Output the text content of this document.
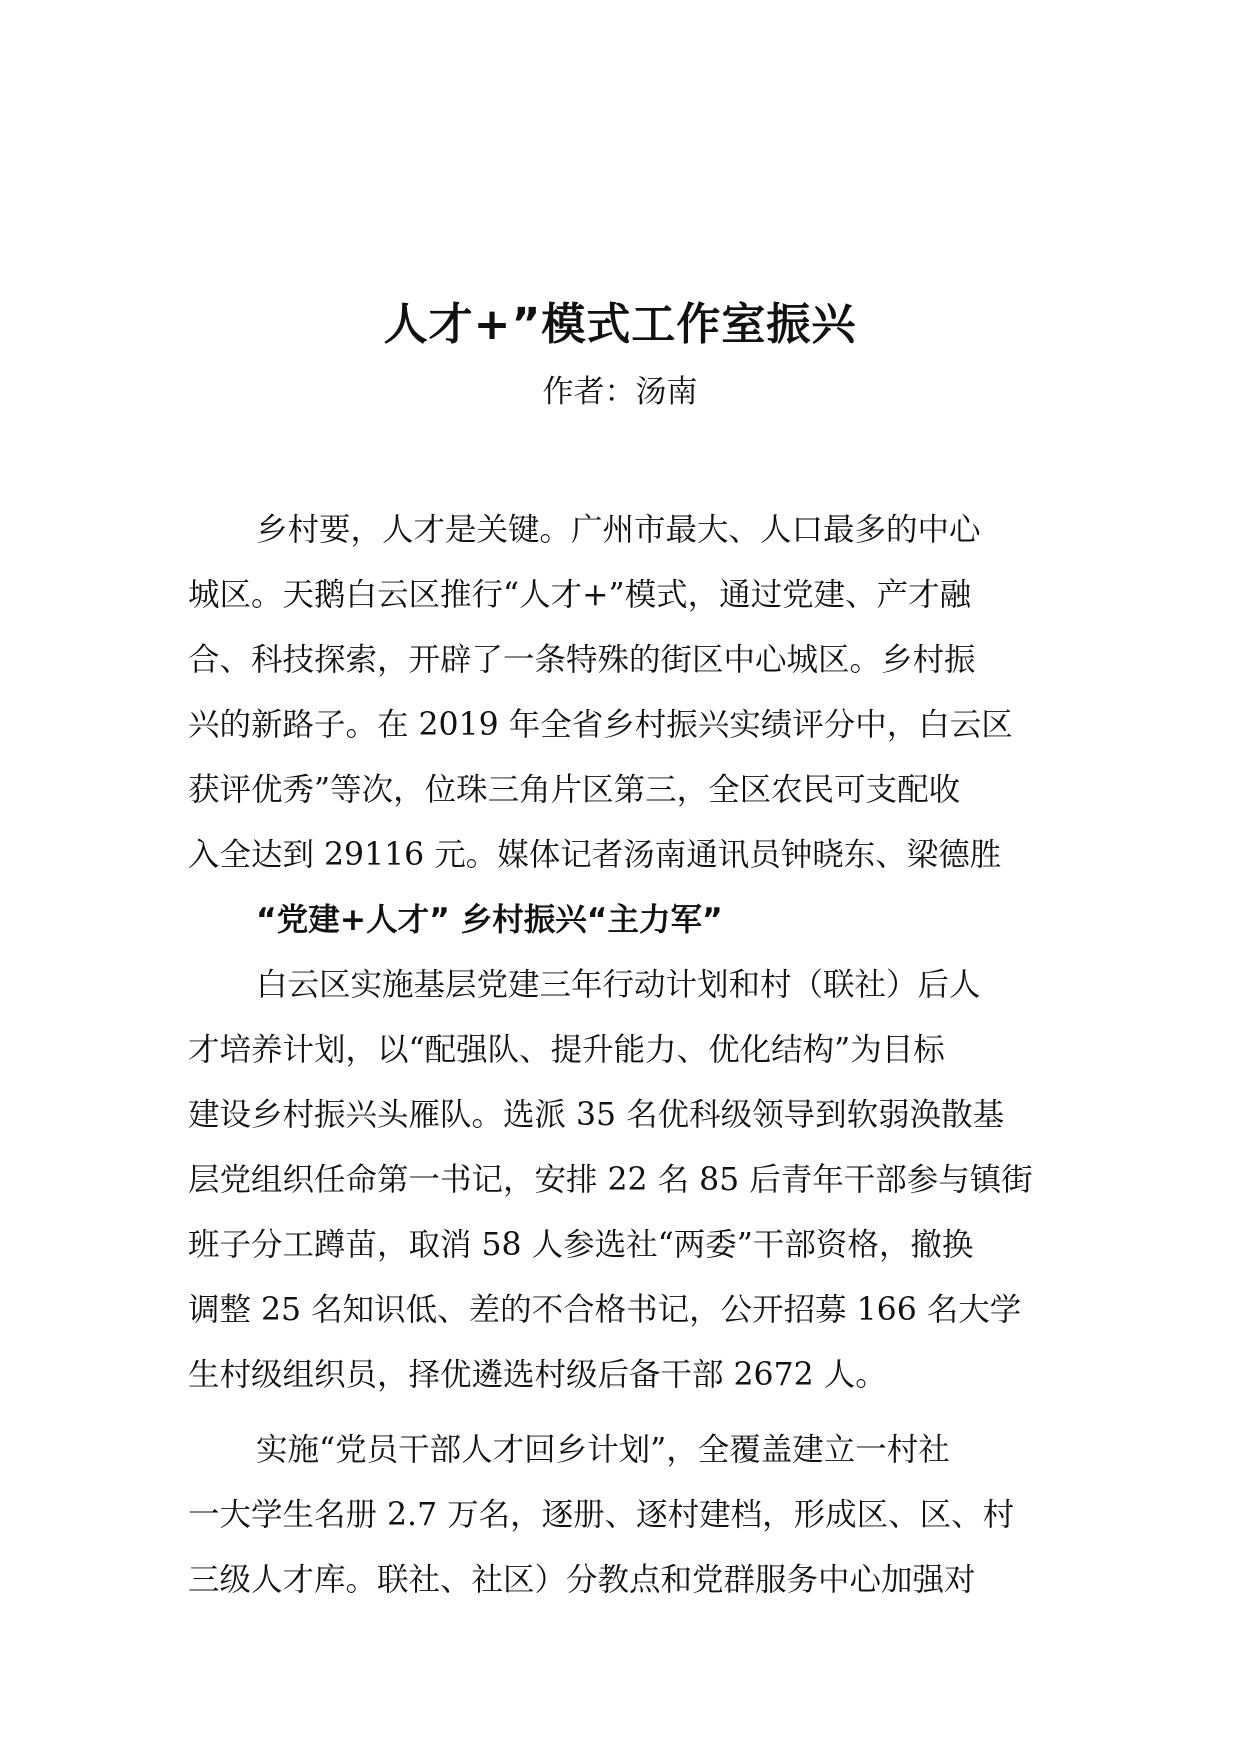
人才+”模式工作室振兴
作者：汤南
乡村要，人才是关键。广州市最大、人口最多的中心
城区。天鹅白云区推行“人才+”模式，通过党建、产才融
合、科技探索，开辟了一条特殊的街区中心城区。乡村振
兴的新路子。在 2019 年全省乡村振兴实绩评分中，白云区
获评优秀”等次，位珠三角片区第三，全区农民可支配收
入全达到 29116 元。媒体记者汤南通讯员钟晓东、梁德胜
“党建+人才” 乡村振兴“主力军”
白云区实施基层党建三年行动计划和村（联社）后人
才培养计划，以“配强队、提升能力、优化结构”为目标
建设乡村振兴头雁队。选派 35 名优科级领导到软弱涣散基
层党组织任命第一书记，安排 22 名 85 后青年干部参与镇街
班子分工蹲苗，取消 58 人参选社“两委”干部资格，撤换
调整 25 名知识低、差的不合格书记，公开招募 166 名大学
生村级组织员，择优遴选村级后备干部 2672 人。
实施“党员干部人才回乡计划”，全覆盖建立一村社
一大学生名册 2.7 万名，逐册、逐村建档，形成区、区、村
三级人才库。联社、社区）分教点和党群服务中心加强对
